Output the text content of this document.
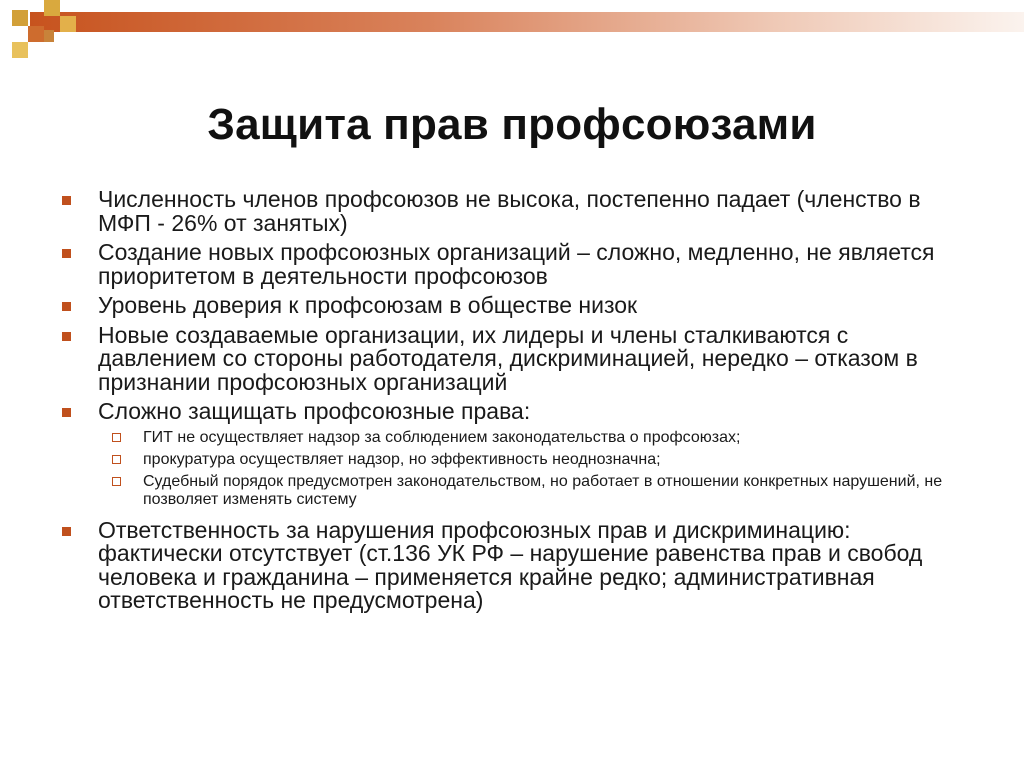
Защита прав профсоюзами
Численность членов профсоюзов не высока, постепенно падает (членство в МФП - 26% от занятых)
Создание новых профсоюзных организаций – сложно, медленно, не является приоритетом в деятельности профсоюзов
Уровень доверия к профсоюзам в обществе низок
Новые создаваемые организации, их лидеры и члены сталкиваются с давлением со стороны работодателя, дискриминацией, нередко – отказом в признании профсоюзных организаций
Сложно защищать профсоюзные права:
ГИТ не осуществляет надзор за соблюдением законодательства о профсоюзах;
прокуратура осуществляет надзор, но эффективность неоднозначна;
Судебный порядок предусмотрен законодательством, но работает в отношении конкретных нарушений, не позволяет изменять систему
Ответственность за нарушения профсоюзных прав и дискриминацию: фактически отсутствует (ст.136 УК РФ – нарушение равенства прав и свобод человека и гражданина – применяется крайне редко; административная ответственность не предусмотрена)
